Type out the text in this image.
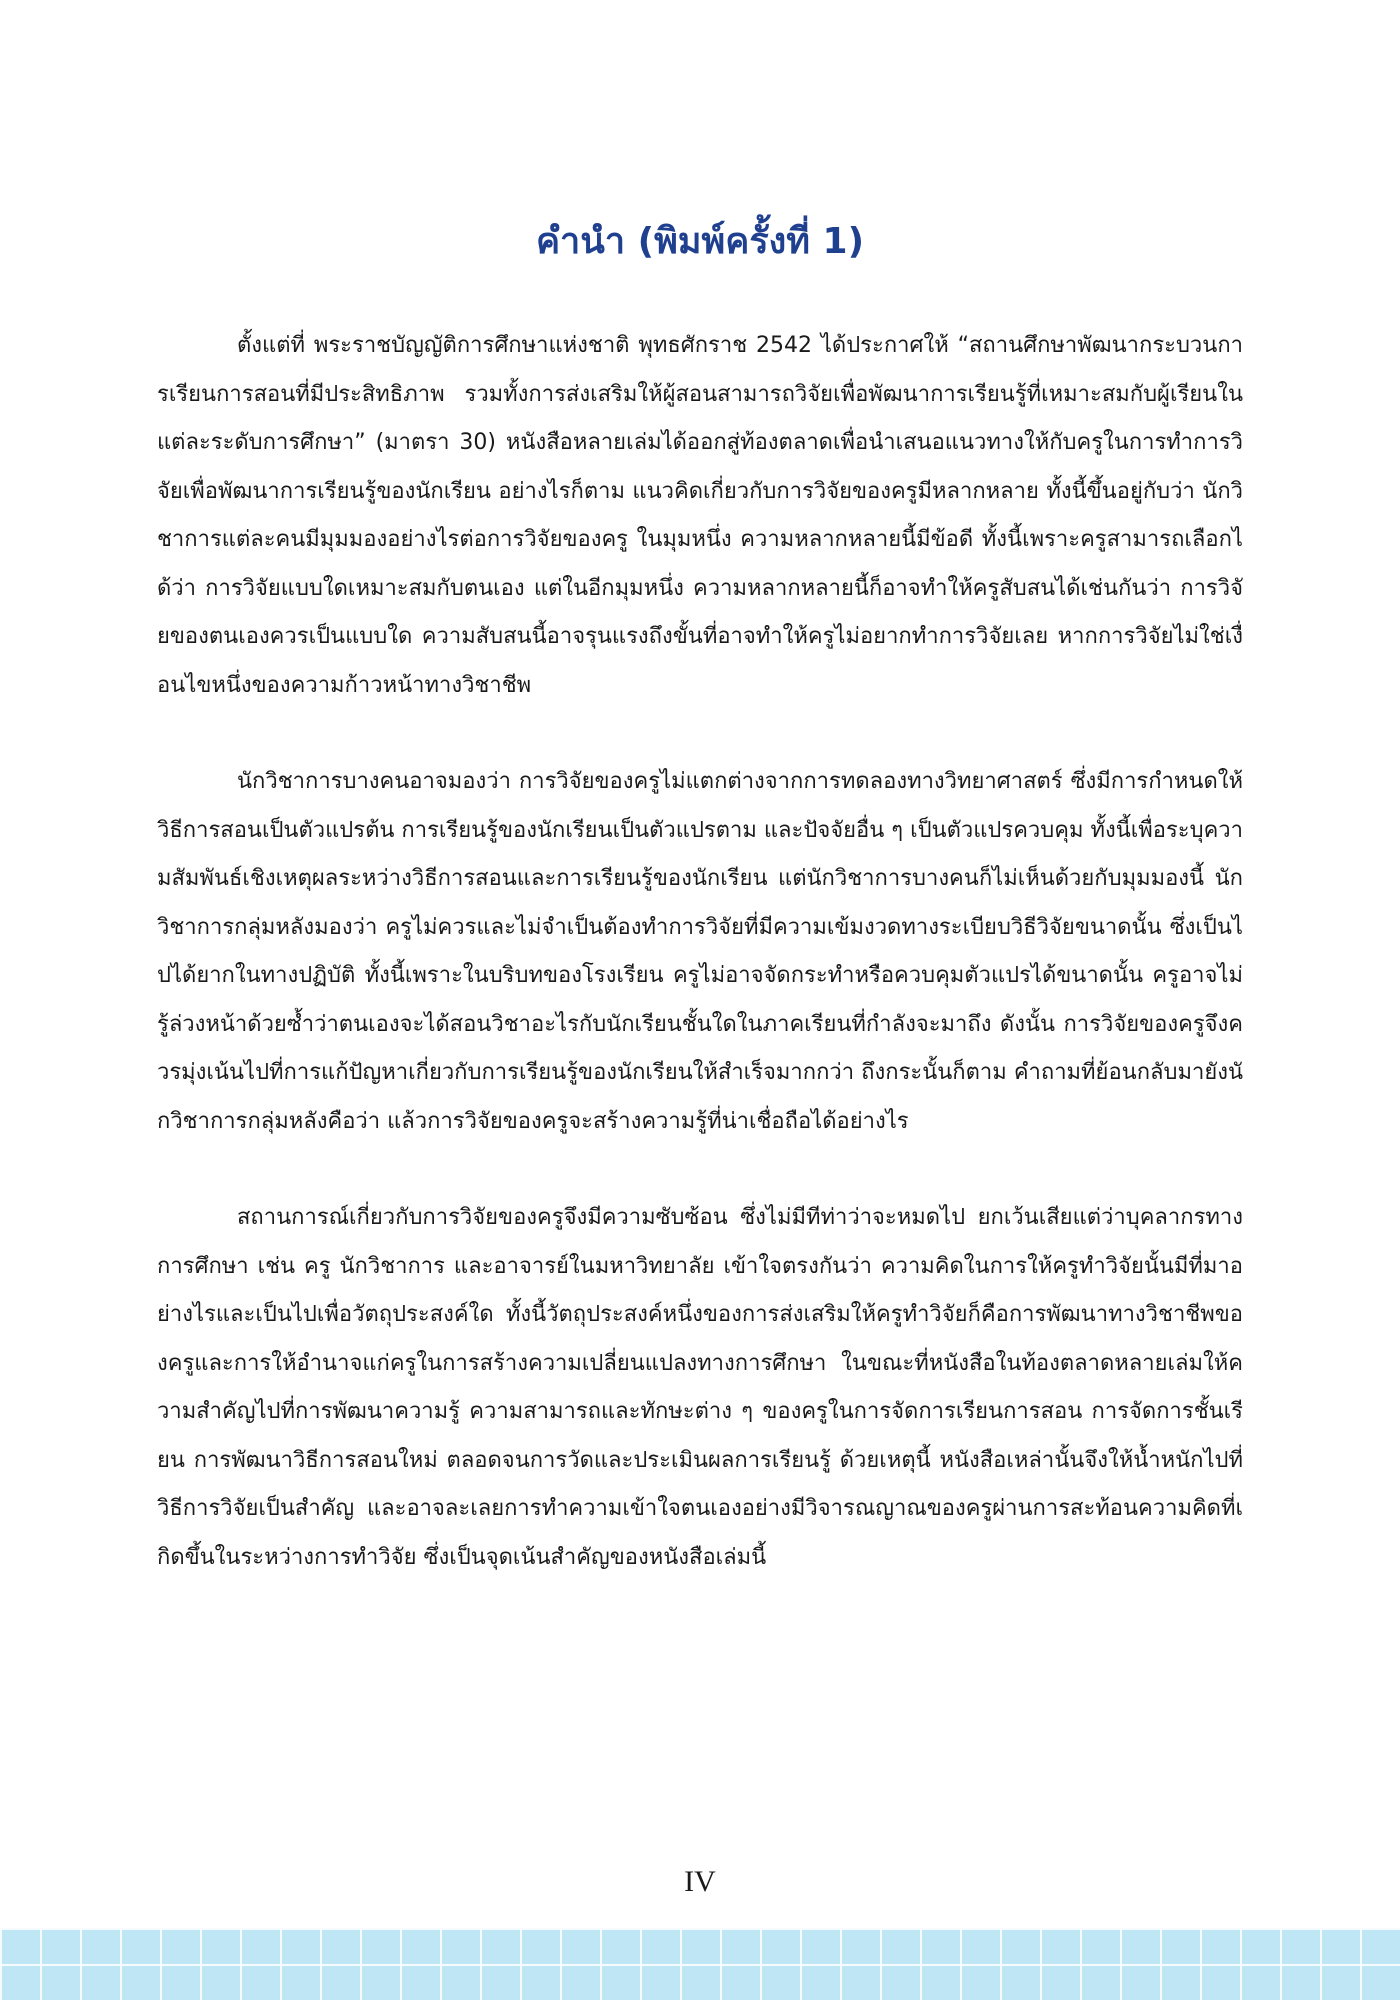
คำนำ (พิมพ์ครั้งที่ 1)

ตั้งแต่ที่ พระราชบัญญัติการศึกษาแห่งชาติ พุทธศักราช 2542 ได้ประกาศให้ “สถานศึกษาพัฒนากระบวนการเรียนการสอนที่มีประสิทธิภาพ รวมทั้งการส่งเสริมให้ผู้สอนสามารถวิจัยเพื่อพัฒนาการเรียนรู้ที่เหมาะสมกับผู้เรียนในแต่ละระดับการศึกษา” (มาตรา 30) หนังสือหลายเล่มได้ออกสู่ท้องตลาดเพื่อนำเสนอแนวทางให้กับครูในการทำการวิจัยเพื่อพัฒนาการเรียนรู้ของนักเรียน อย่างไรก็ตาม แนวคิดเกี่ยวกับการวิจัยของครูมีหลากหลาย ทั้งนี้ขึ้นอยู่กับว่า นักวิชาการแต่ละคนมีมุมมองอย่างไรต่อการวิจัยของครู ในมุมหนึ่ง ความหลากหลายนี้มีข้อดี ทั้งนี้เพราะครูสามารถเลือกได้ว่า การวิจัยแบบใดเหมาะสมกับตนเอง แต่ในอีกมุมหนึ่ง ความหลากหลายนี้ก็อาจทำให้ครูสับสนได้เช่นกันว่า การวิจัยของตนเองควรเป็นแบบใด ความสับสนนี้อาจรุนแรงถึงขั้นที่อาจทำให้ครูไม่อยากทำการวิจัยเลย หากการวิจัยไม่ใช่เงื่อนไขหนึ่งของความก้าวหน้าทางวิชาชีพ

นักวิชาการบางคนอาจมองว่า การวิจัยของครูไม่แตกต่างจากการทดลองทางวิทยาศาสตร์ ซึ่งมีการกำหนดให้วิธีการสอนเป็นตัวแปรต้น การเรียนรู้ของนักเรียนเป็นตัวแปรตาม และปัจจัยอื่น ๆ เป็นตัวแปรควบคุม ทั้งนี้เพื่อระบุความสัมพันธ์เชิงเหตุผลระหว่างวิธีการสอนและการเรียนรู้ของนักเรียน แต่นักวิชาการบางคนก็ไม่เห็นด้วยกับมุมมองนี้ นักวิชาการกลุ่มหลังมองว่า ครูไม่ควรและไม่จำเป็นต้องทำการวิจัยที่มีความเข้มงวดทางระเบียบวิธีวิจัยขนาดนั้น ซึ่งเป็นไปได้ยากในทางปฏิบัติ ทั้งนี้เพราะในบริบทของโรงเรียน ครูไม่อาจจัดกระทำหรือควบคุมตัวแปรได้ขนาดนั้น ครูอาจไม่รู้ล่วงหน้าด้วยซ้ำว่าตนเองจะได้สอนวิชาอะไรกับนักเรียนชั้นใดในภาคเรียนที่กำลังจะมาถึง ดังนั้น การวิจัยของครูจึงควรมุ่งเน้นไปที่การแก้ปัญหาเกี่ยวกับการเรียนรู้ของนักเรียนให้สำเร็จมากกว่า ถึงกระนั้นก็ตาม คำถามที่ย้อนกลับมายังนักวิชาการกลุ่มหลังคือว่า แล้วการวิจัยของครูจะสร้างความรู้ที่น่าเชื่อถือได้อย่างไร

สถานการณ์เกี่ยวกับการวิจัยของครูจึงมีความซับซ้อน ซึ่งไม่มีทีท่าว่าจะหมดไป ยกเว้นเสียแต่ว่าบุคลากรทางการศึกษา เช่น ครู นักวิชาการ และอาจารย์ในมหาวิทยาลัย เข้าใจตรงกันว่า ความคิดในการให้ครูทำวิจัยนั้นมีที่มาอย่างไรและเป็นไปเพื่อวัตถุประสงค์ใด ทั้งนี้วัตถุประสงค์หนึ่งของการส่งเสริมให้ครูทำวิจัยก็คือการพัฒนาทางวิชาชีพของครูและการให้อำนาจแก่ครูในการสร้างความเปลี่ยนแปลงทางการศึกษา ในขณะที่หนังสือในท้องตลาดหลายเล่มให้ความสำคัญไปที่การพัฒนาความรู้ ความสามารถและทักษะต่าง ๆ ของครูในการจัดการเรียนการสอน การจัดการชั้นเรียน การพัฒนาวิธีการสอนใหม่ ตลอดจนการวัดและประเมินผลการเรียนรู้ ด้วยเหตุนี้ หนังสือเหล่านั้นจึงให้น้ำหนักไปที่วิธีการวิจัยเป็นสำคัญ และอาจละเลยการทำความเข้าใจตนเองอย่างมีวิจารณญาณของครูผ่านการสะท้อนความคิดที่เกิดขึ้นในระหว่างการทำวิจัย ซึ่งเป็นจุดเน้นสำคัญของหนังสือเล่มนี้

IV
